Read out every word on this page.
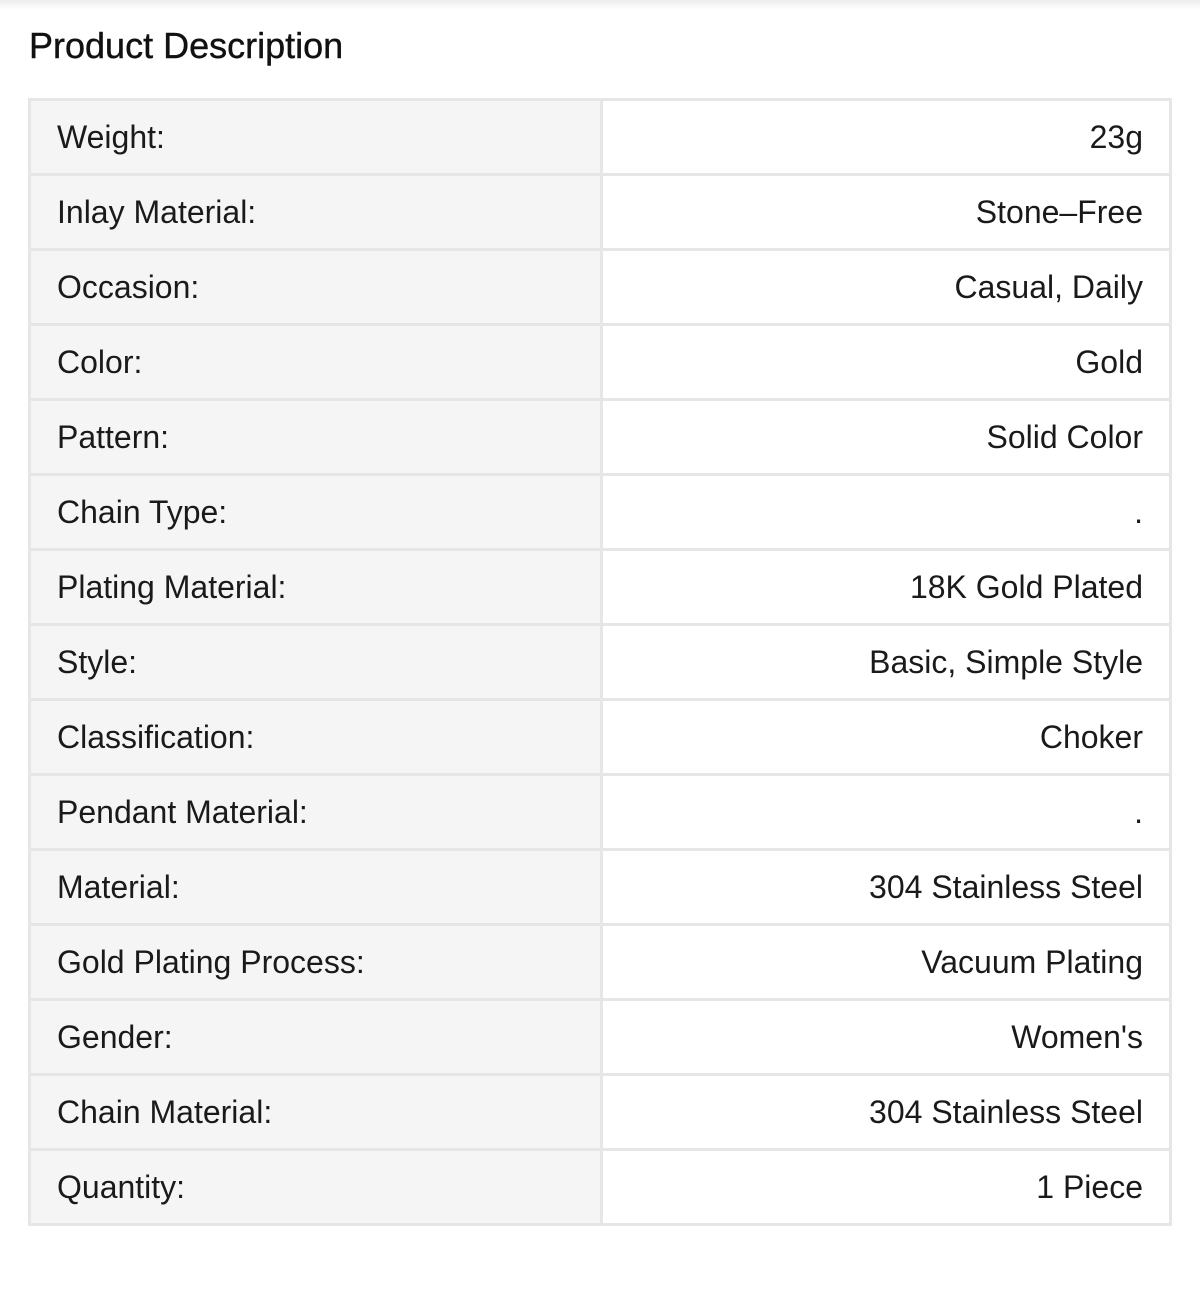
Product Description
Weight:	23g
Inlay Material:	Stone–Free
Occasion:	Casual, Daily
Color:	Gold
Pattern:	Solid Color
Chain Type:	.
Plating Material:	18K Gold Plated
Style:	Basic, Simple Style
Classification:	Choker
Pendant Material:	.
Material:	304 Stainless Steel
Gold Plating Process:	Vacuum Plating
Gender:	Women's
Chain Material:	304 Stainless Steel
Quantity:	1 Piece
